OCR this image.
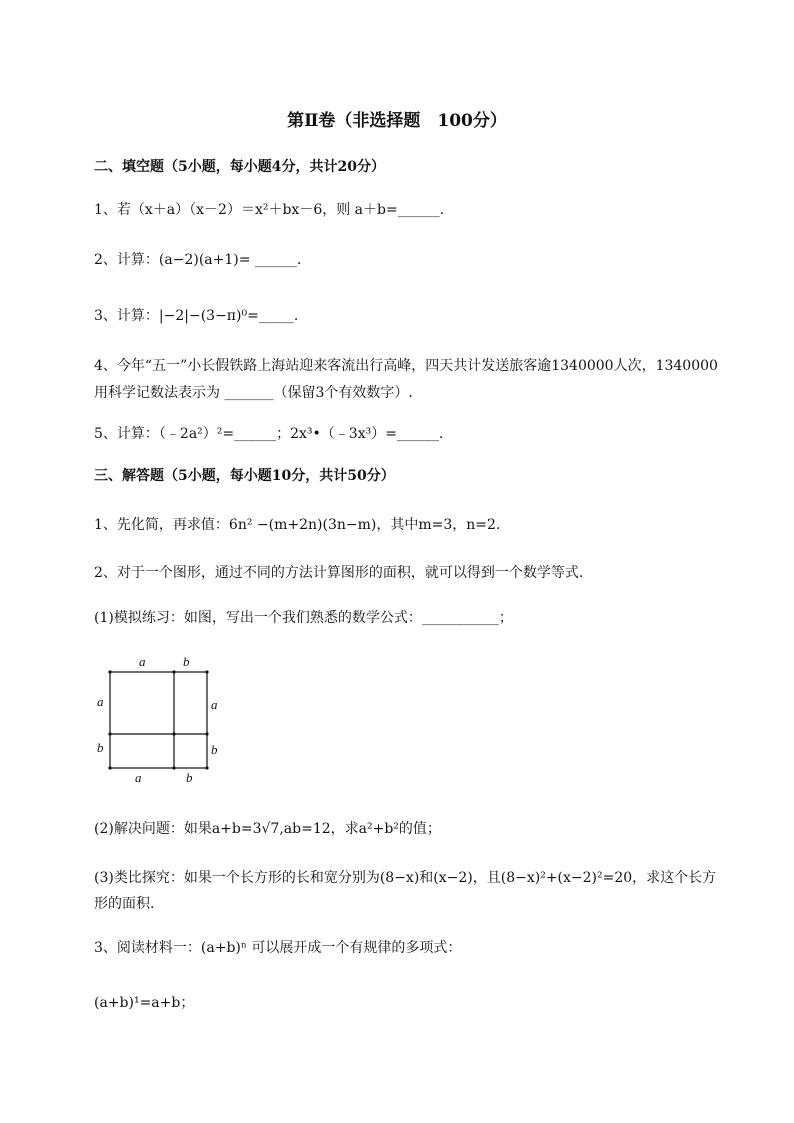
第Ⅱ卷（非选择题　100分）
二、填空题（5小题，每小题4分，共计20分）
1、若（x＋a）（x－2）＝x²＋bx－6，则 a＋b=______.
2、计算：(a−2)(a+1)= ______.
3、计算：|−2|−(3−π)⁰=_____.
4、今年“五一”小长假铁路上海站迎来客流出行高峰，四天共计发送旅客逾1340000人次，1340000
用科学记数法表示为 _______（保留3个有效数字）.
5、计算：（﹣2a²）²=______；2x³•（﹣3x³）=______.
三、解答题（5小题，每小题10分，共计50分）
1、先化简，再求值：6n² −(m+2n)(3n−m)，其中m=3，n=2.
2、对于一个图形，通过不同的方法计算图形的面积，就可以得到一个数学等式.
(1)模拟练习：如图，写出一个我们熟悉的数学公式：___________；
a	b
a
b
a
b
a	b
(2)解决问题：如果a+b=3√7,ab=12，求a²+b²的值；
(3)类比探究：如果一个长方形的长和宽分别为(8−x)和(x−2)，且(8−x)²+(x−2)²=20，求这个长方
形的面积.
3、阅读材料一：(a+b)ⁿ 可以展开成一个有规律的多项式：
(a+b)¹=a+b；
